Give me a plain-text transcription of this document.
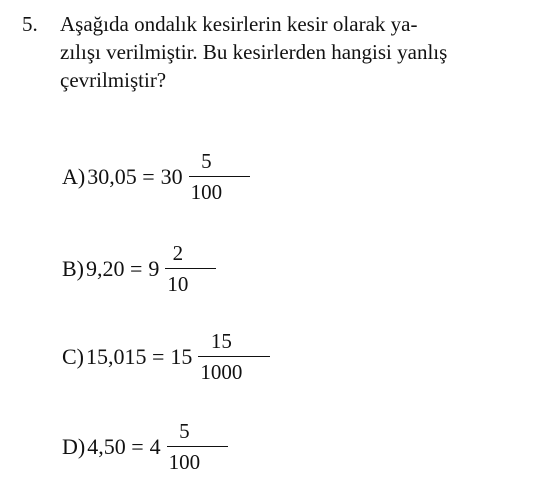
5. Aşağıda ondalık kesirlerin kesir olarak ya-
zılışı verilmiştir. Bu kesirlerden hangisi yanlış
çevrilmiştir?
A) $30,05 = 30 \frac{5}{100}$
B) $9,20 = 9 \frac{2}{10}$
C) $15,015 = 15 \frac{15}{1000}$
D) $4,50 = 4 \frac{5}{100}$
